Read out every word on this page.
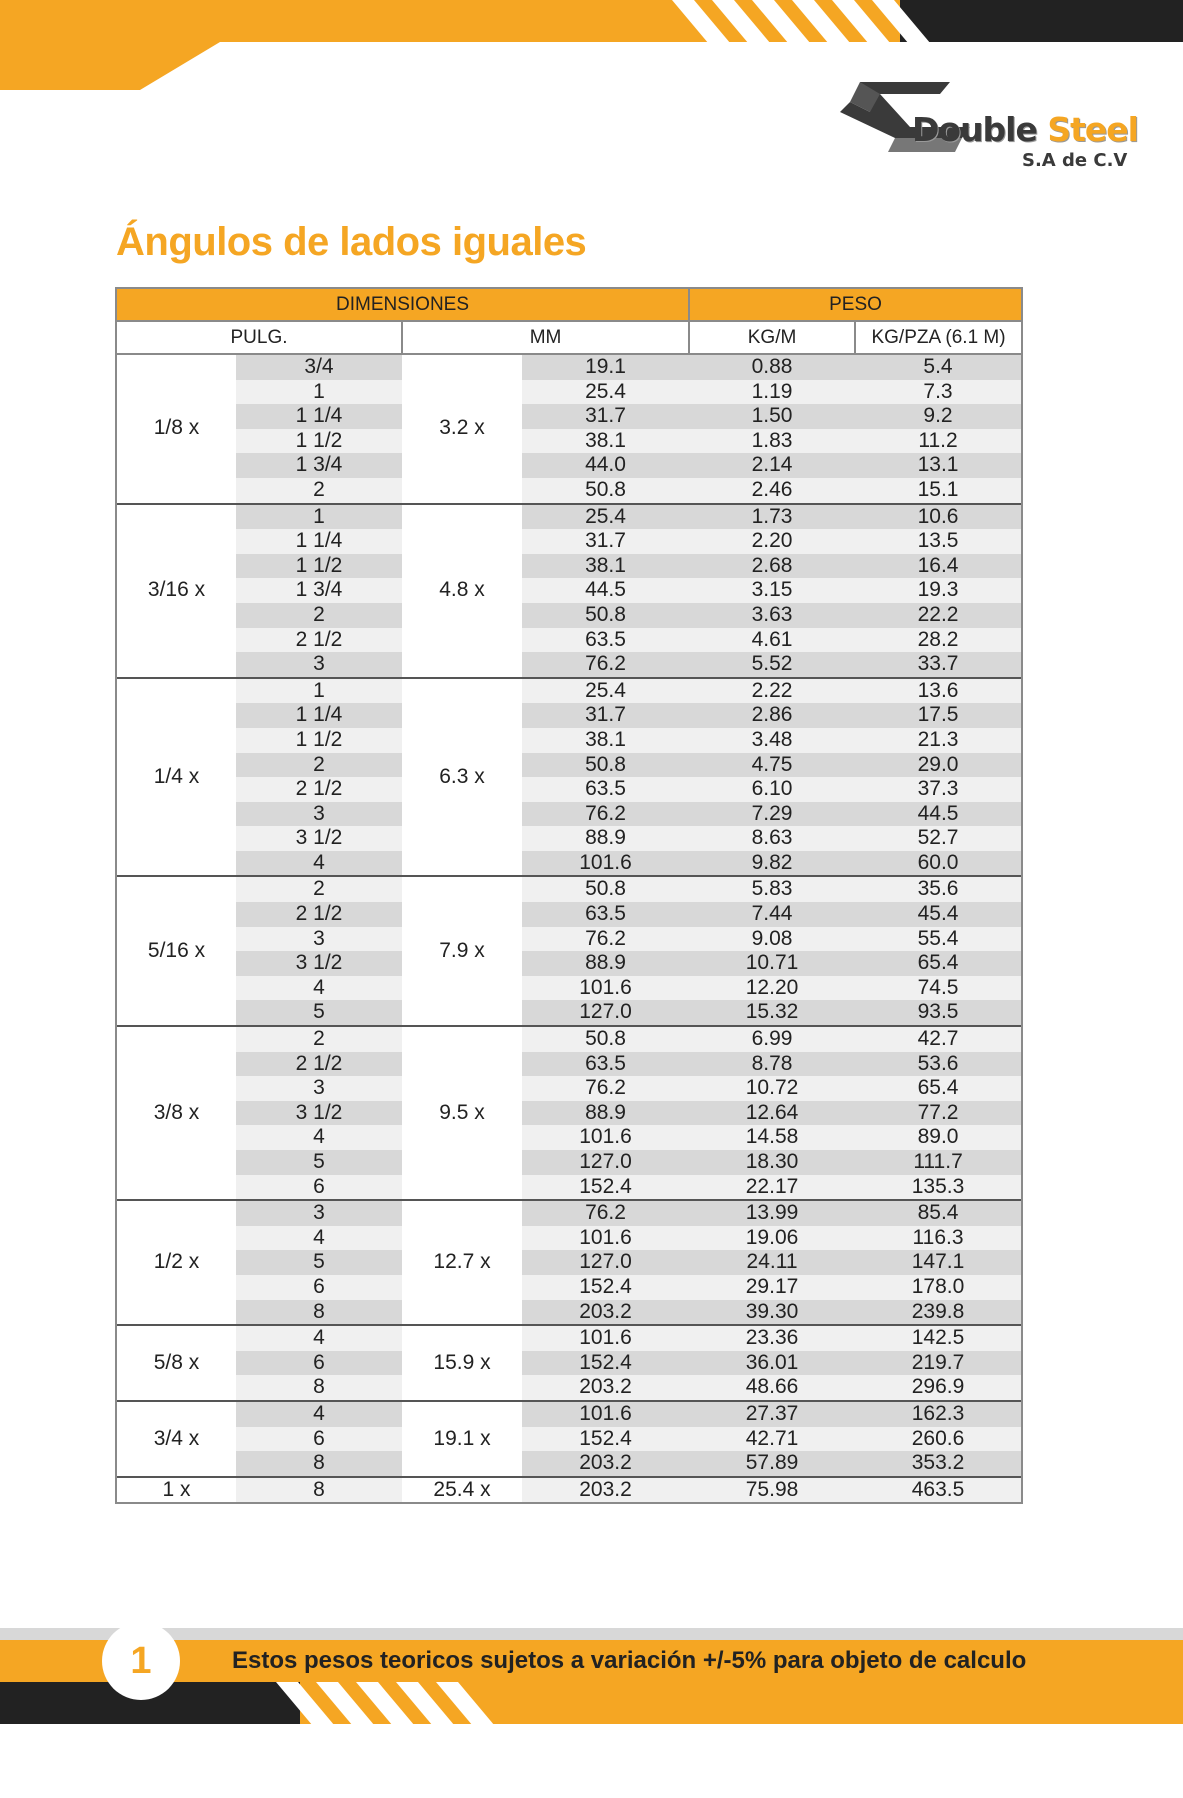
Double Steel
S.A de C.V
Ángulos de lados iguales
DIMENSIONES				PESO	
PULG.		MM		KG/M	KG/PZA (6.1 M)
1/8 x	3/4	3.2 x	19.1	0.88	5.4
	1		25.4	1.19	7.3
	1 1/4		31.7	1.50	9.2
	1 1/2		38.1	1.83	11.2
	1 3/4		44.0	2.14	13.1
	2		50.8	2.46	15.1
3/16 x	1	4.8 x	25.4	1.73	10.6
	1 1/4		31.7	2.20	13.5
	1 1/2		38.1	2.68	16.4
	1 3/4		44.5	3.15	19.3
	2		50.8	3.63	22.2
	2 1/2		63.5	4.61	28.2
	3		76.2	5.52	33.7
1/4 x	1	6.3 x	25.4	2.22	13.6
	1 1/4		31.7	2.86	17.5
	1 1/2		38.1	3.48	21.3
	2		50.8	4.75	29.0
	2 1/2		63.5	6.10	37.3
	3		76.2	7.29	44.5
	3 1/2		88.9	8.63	52.7
	4		101.6	9.82	60.0
5/16 x	2	7.9 x	50.8	5.83	35.6
	2 1/2		63.5	7.44	45.4
	3		76.2	9.08	55.4
	3 1/2		88.9	10.71	65.4
	4		101.6	12.20	74.5
	5		127.0	15.32	93.5
3/8 x	2	9.5 x	50.8	6.99	42.7
	2 1/2		63.5	8.78	53.6
	3		76.2	10.72	65.4
	3 1/2		88.9	12.64	77.2
	4		101.6	14.58	89.0
	5		127.0	18.30	111.7
	6		152.4	22.17	135.3
1/2 x	3	12.7 x	76.2	13.99	85.4
	4		101.6	19.06	116.3
	5		127.0	24.11	147.1
	6		152.4	29.17	178.0
	8		203.2	39.30	239.8
5/8 x	4	15.9 x	101.6	23.36	142.5
	6		152.4	36.01	219.7
	8		203.2	48.66	296.9
3/4 x	4	19.1 x	101.6	27.37	162.3
	6		152.4	42.71	260.6
	8		203.2	57.89	353.2
1 x	8	25.4 x	203.2	75.98	463.5
1	Estos pesos teoricos sujetos a variación +/-5% para objeto de calculo
